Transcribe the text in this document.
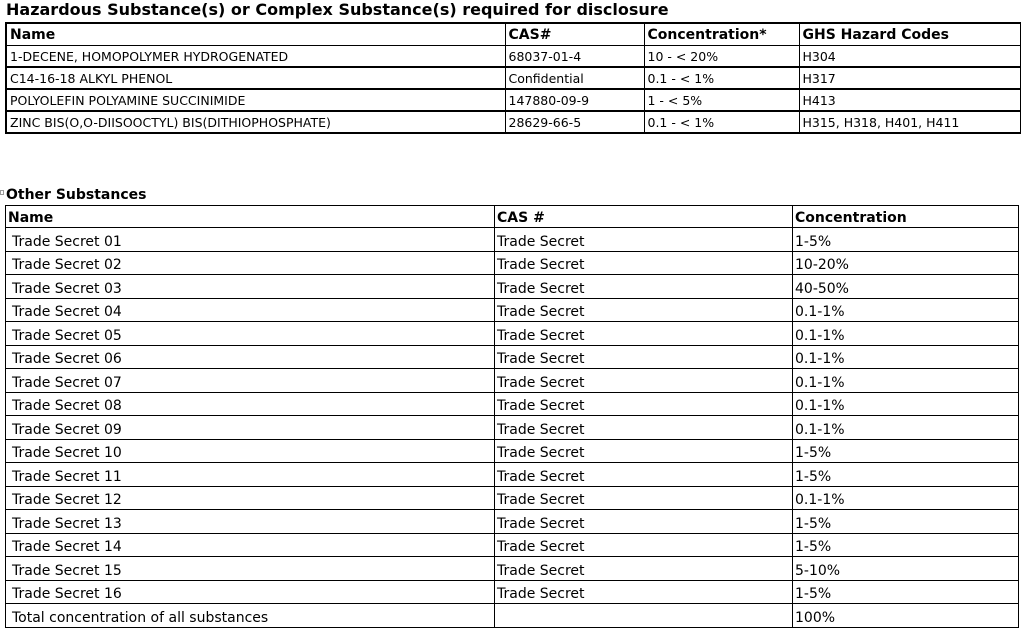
Hazardous Substance(s) or Complex Substance(s) required for disclosure
Name	CAS#	Concentration*	GHS Hazard Codes
1-DECENE, HOMOPOLYMER HYDROGENATED	68037-01-4	10 - < 20%	H304
C14-16-18 ALKYL PHENOL	Confidential	0.1 - < 1%	H317
POLYOLEFIN POLYAMINE SUCCINIMIDE	147880-09-9	1 - < 5%	H413
ZINC BIS(O,O-DIISOOCTYL) BIS(DITHIOPHOSPHATE)	28629-66-5	0.1 - < 1%	H315, H318, H401, H411
Other Substances
Name	CAS #	Concentration
Trade Secret 01	Trade Secret	1-5%
Trade Secret 02	Trade Secret	10-20%
Trade Secret 03	Trade Secret	40-50%
Trade Secret 04	Trade Secret	0.1-1%
Trade Secret 05	Trade Secret	0.1-1%
Trade Secret 06	Trade Secret	0.1-1%
Trade Secret 07	Trade Secret	0.1-1%
Trade Secret 08	Trade Secret	0.1-1%
Trade Secret 09	Trade Secret	0.1-1%
Trade Secret 10	Trade Secret	1-5%
Trade Secret 11	Trade Secret	1-5%
Trade Secret 12	Trade Secret	0.1-1%
Trade Secret 13	Trade Secret	1-5%
Trade Secret 14	Trade Secret	1-5%
Trade Secret 15	Trade Secret	5-10%
Trade Secret 16	Trade Secret	1-5%
Total concentration of all substances		100%
